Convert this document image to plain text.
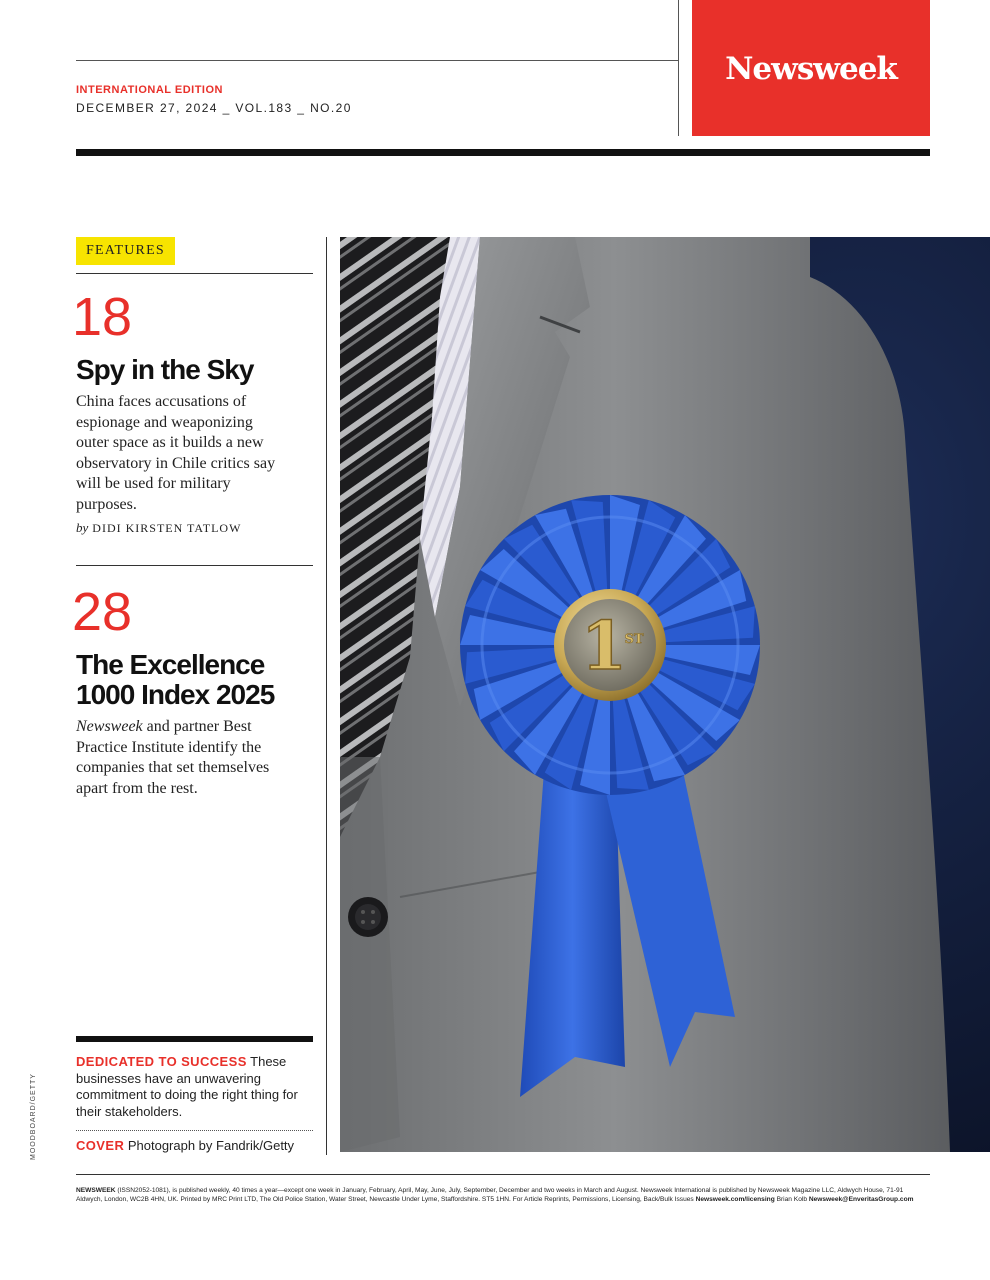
INTERNATIONAL EDITION
DECEMBER 27, 2024 _ VOL.183 _ NO.20
Newsweek
FEATURES
18
Spy in the Sky
China faces accusations of espionage and weaponizing outer space as it builds a new observatory in Chile critics say will be used for military purposes.
by DIDI KIRSTEN TATLOW
28
The Excellence
1000 Index 2025
Newsweek and partner Best Practice Institute identify the companies that set themselves apart from the rest.
DEDICATED TO SUCCESS These businesses have an unwavering commitment to doing the right thing for their stakeholders.
COVER Photograph by Fandrik/Getty
MOODBOARD/GETTY
1
ST
NEWSWEEK (ISSN2052-1081), is published weekly, 40 times a year—except one week in January, February, April, May, June, July, September, December and two weeks in March and August. Newsweek International is published by Newsweek Magazine LLC, Aldwych House, 71-91 Aldwych, London, WC2B 4HN, UK. Printed by MRC Print LTD, The Old Police Station, Water Street, Newcastle Under Lyme, Staffordshire. ST5 1HN. For Article Reprints, Permissions, Licensing, Back/Bulk Issues Newsweek.com/licensing Brian Kolb Newsweek@EnveritasGroup.com
